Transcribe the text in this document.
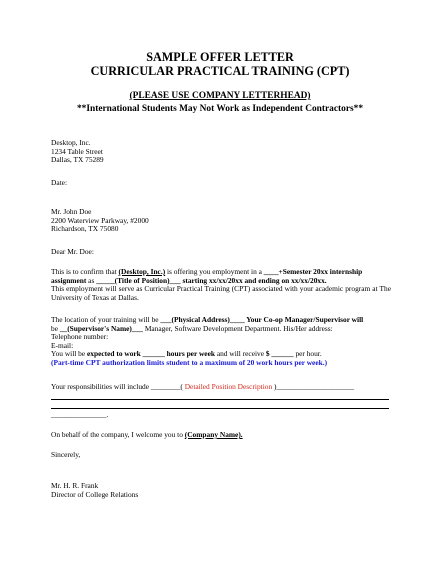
SAMPLE OFFER LETTER
CURRICULAR PRACTICAL TRAINING (CPT)
(PLEASE USE COMPANY LETTERHEAD)
**International Students May Not Work as Independent Contractors**
Desktop, Inc.
1234 Table Street
Dallas, TX 75289
Date:
Mr. John Doe
2200 Waterview Parkway, #2000
Richardson, TX 75080
Dear Mr. Doe:
This is to confirm that (Desktop, Inc.) is offering you employment in a ____+Semester 20xx internship
assignment as _____(Title of Position)___ starting xx/xx/20xx and ending on xx/xx/20xx.
This employment will serve as Curricular Practical Training (CPT) associated with your academic program at The University of Texas at Dallas.
The location of your training will be ___(Physical Address)____ Your Co-op Manager/Supervisor will
be __(Supervisor's Name)___ Manager, Software Development Department. His/Her address:
Telephone number:
E-mail:
You will be expected to work ______ hours per week and will receive $ ______ per hour.
(Part-time CPT authorization limits student to a maximum of 20 work hours per week.)
Your responsibilities will include ________( Detailed Position Description )_____________________
_______________.
On behalf of the company, I welcome you to (Company Name).
Sincerely,
Mr. H. R. Frank
Director of College Relations
